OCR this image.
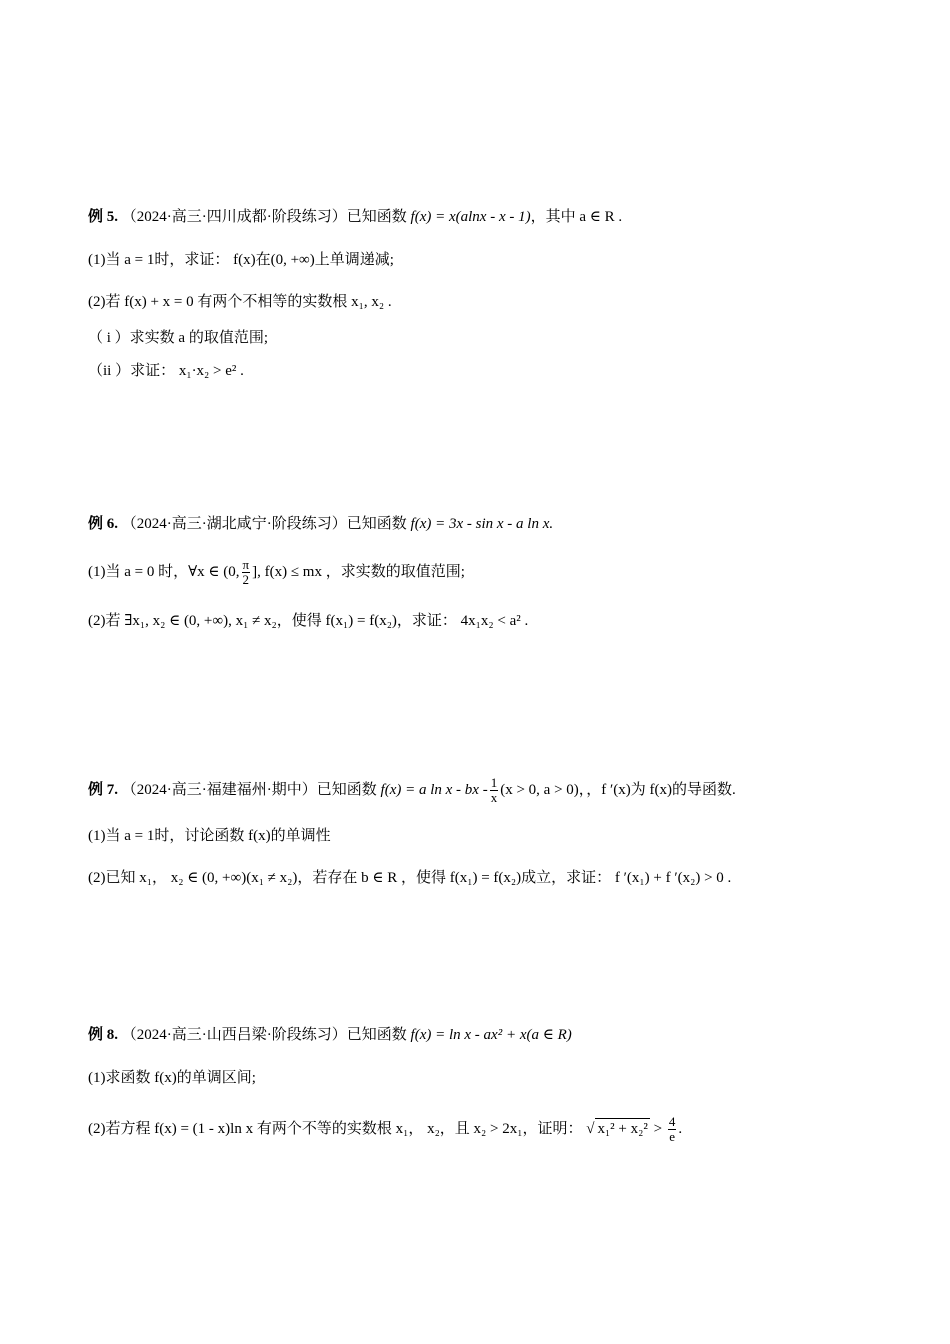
例 5. （2024·高三·四川成都·阶段练习）已知函数 f(x) = x(alnx - x - 1)，其中 a ∈ R .
(1)当 a = 1时，求证： f(x)在(0, +∞)上单调递减;
(2)若 f(x) + x = 0 有两个不相等的实数根 x₁, x₂ .
（ i ）求实数 a 的取值范围;
（ii ）求证： x₁·x₂ > e² .
例 6. （2024·高三·湖北咸宁·阶段练习）已知函数 f(x) = 3x - sin x - a ln x.
(1)当 a = 0 时，∀x ∈ (0, $\frac{\pi}{2}$ ], f(x) ≤ mx ，求实数的取值范围;
(2)若 ∃x₁, x₂ ∈ (0, +∞), x₁ ≠ x₂，使得 f(x₁) = f(x₂)，求证： 4x₁x₂ < a² .
例 7. （2024·高三·福建福州·期中）已知函数 f(x) = a ln x - bx - $\frac{1}{x} (x > 0$, a > 0)，，f ′(x)为 f(x)的导函数.
(1)当 a = 1时，讨论函数 f(x)的单调性
(2)已知 x₁， x₂ ∈ (0, +∞)(x₁ ≠ x₂)，若存在 b ∈ R ，使得 f(x₁) = f(x₂)成立，求证： f ′(x₁) + f ′(x₂) > 0 .
例 8. （2024·高三·山西吕梁·阶段练习）已知函数 f(x) = ln x - ax² + x(a ∈ R)
(1)求函数 f(x)的单调区间;
(2)若方程 f(x) = (1 - x)ln x 有两个不等的实数根 x₁， x₂，且 x₂ > 2x₁，证明： √ $x_1^2 + x_2^2 > \frac{4}{e}$ .
